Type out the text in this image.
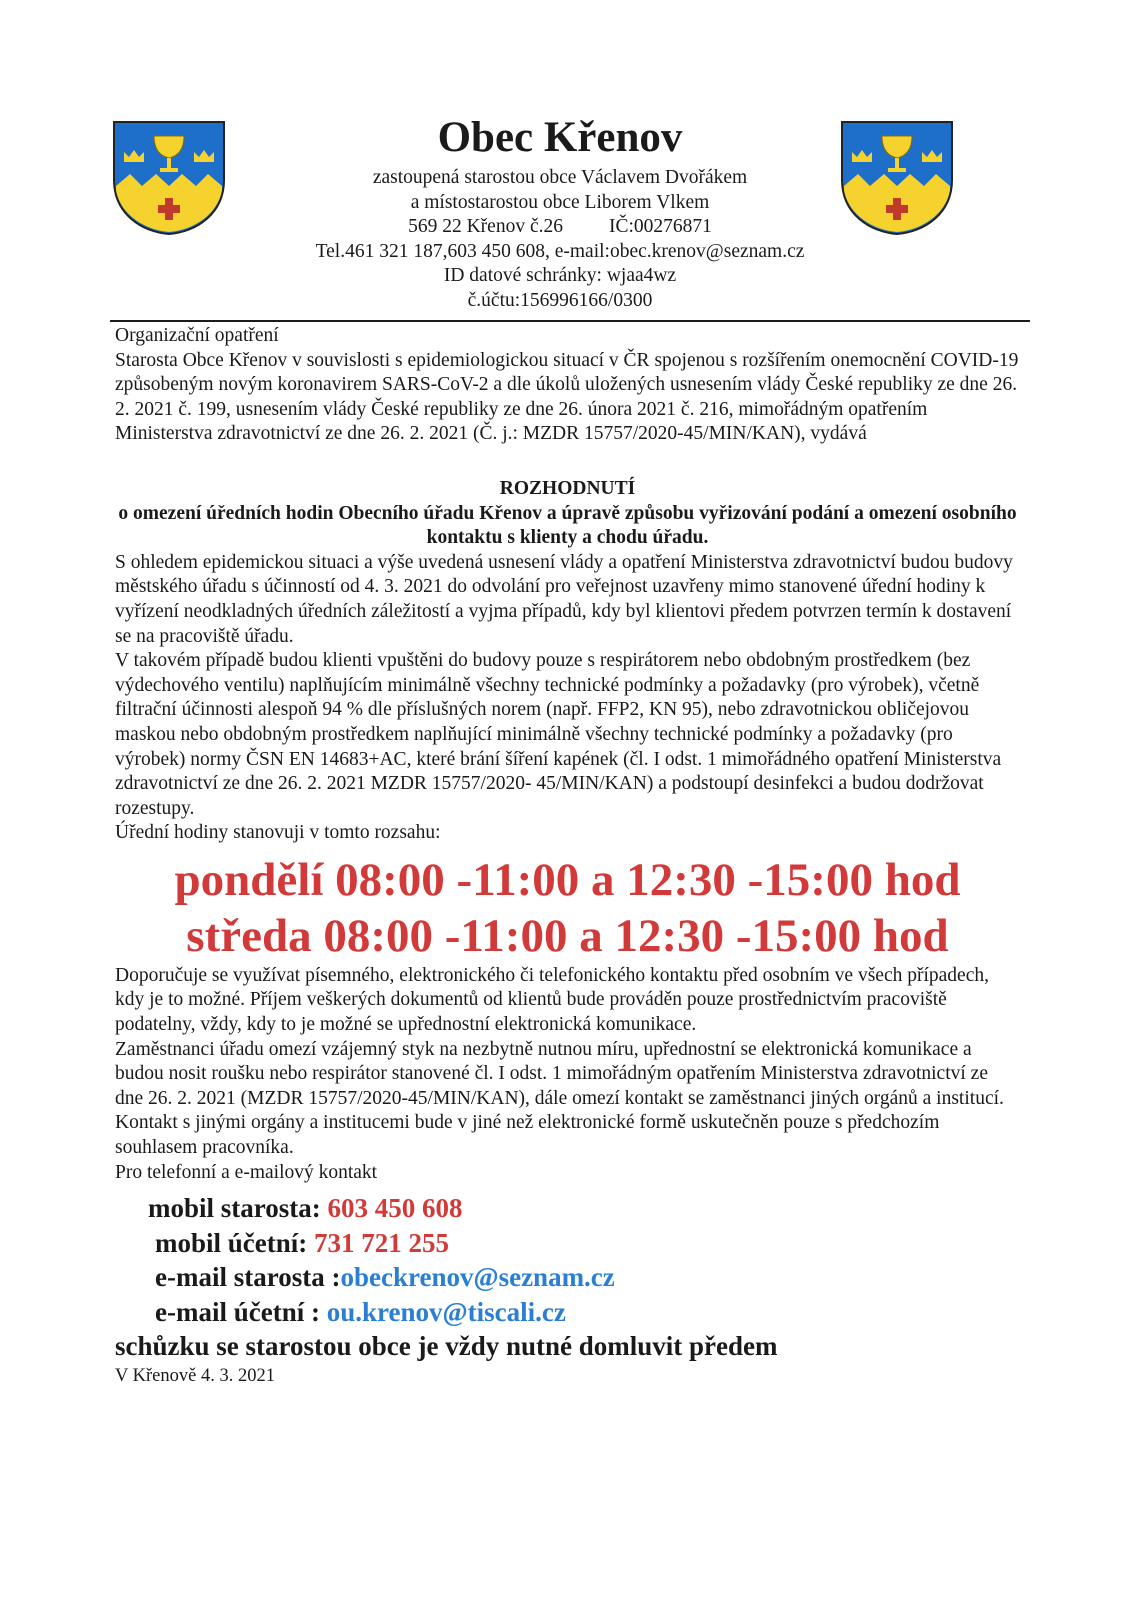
Obec Křenov
zastoupená starostou obce Václavem Dvořákem
a místostarostou obce Liborem Vlkem
569 22 Křenov č.26 IČ:00276871
Tel.461 321 187,603 450 608, e-mail:obec.krenov@seznam.cz
ID datové schránky: wjaa4wz
č.účtu:156996166/0300

Organizační opatření

Starosta Obce Křenov v souvislosti s epidemiologickou situací v ČR spojenou s rozšířením onemocnění COVID-19 způsobeným novým koronavirem SARS-CoV-2 a dle úkolů uložených usnesením vlády České republiky ze dne 26. 2. 2021 č. 199, usnesením vlády České republiky ze dne 26. února 2021 č. 216, mimořádným opatřením Ministerstva zdravotnictví ze dne 26. 2. 2021 (Č. j.: MZDR 15757/2020-45/MIN/KAN), vydává

ROZHODNUTÍ

o omezení úředních hodin Obecního úřadu Křenov a úpravě způsobu vyřizování podání a omezení osobního kontaktu s klienty a chodu úřadu.

S ohledem epidemickou situaci a výše uvedená usnesení vlády a opatření Ministerstva zdravotnictví budou budovy městského úřadu s účinností od 4. 3. 2021 do odvolání pro veřejnost uzavřeny mimo stanovené úřední hodiny k vyřízení neodkladných úředních záležitostí a vyjma případů, kdy byl klientovi předem potvrzen termín k dostavení se na pracoviště úřadu.

V takovém případě budou klienti vpuštěni do budovy pouze s respirátorem nebo obdobným prostředkem (bez výdechového ventilu) naplňujícím minimálně všechny technické podmínky a požadavky (pro výrobek), včetně filtrační účinnosti alespoň 94 % dle příslušných norem (např. FFP2, KN 95), nebo zdravotnickou obličejovou maskou nebo obdobným prostředkem naplňující minimálně všechny technické podmínky a požadavky (pro výrobek) normy ČSN EN 14683+AC, které brání šíření kapének (čl. I odst. 1 mimořádného opatření Ministerstva zdravotnictví ze dne 26. 2. 2021 MZDR 15757/2020- 45/MIN/KAN) a podstoupí desinfekci a budou dodržovat rozestupy.

Úřední hodiny stanovuji v tomto rozsahu:

pondělí 08:00 -11:00 a 12:30 -15:00 hod

středa 08:00 -11:00 a 12:30 -15:00 hod

Doporučuje se využívat písemného, elektronického či telefonického kontaktu před osobním ve všech případech, kdy je to možné. Příjem veškerých dokumentů od klientů bude prováděn pouze prostřednictvím pracoviště podatelny, vždy, kdy to je možné se upřednostní elektronická komunikace.

Zaměstnanci úřadu omezí vzájemný styk na nezbytně nutnou míru, upřednostní se elektronická komunikace a budou nosit roušku nebo respirátor stanovené čl. I odst. 1 mimořádným opatřením Ministerstva zdravotnictví ze dne 26. 2. 2021 (MZDR 15757/2020-45/MIN/KAN), dále omezí kontakt se zaměstnanci jiných orgánů a institucí. Kontakt s jinými orgány a institucemi bude v jiné než elektronické formě uskutečněn pouze s předchozím souhlasem pracovníka.

Pro telefonní a e-mailový kontakt

mobil starosta: 603 450 608
mobil účetní: 731 721 255
e-mail starosta :obeckrenov@seznam.cz
e-mail účetní : ou.krenov@tiscali.cz

schůzku se starostou obce je vždy nutné domluvit předem

V Křenově 4. 3. 2021
